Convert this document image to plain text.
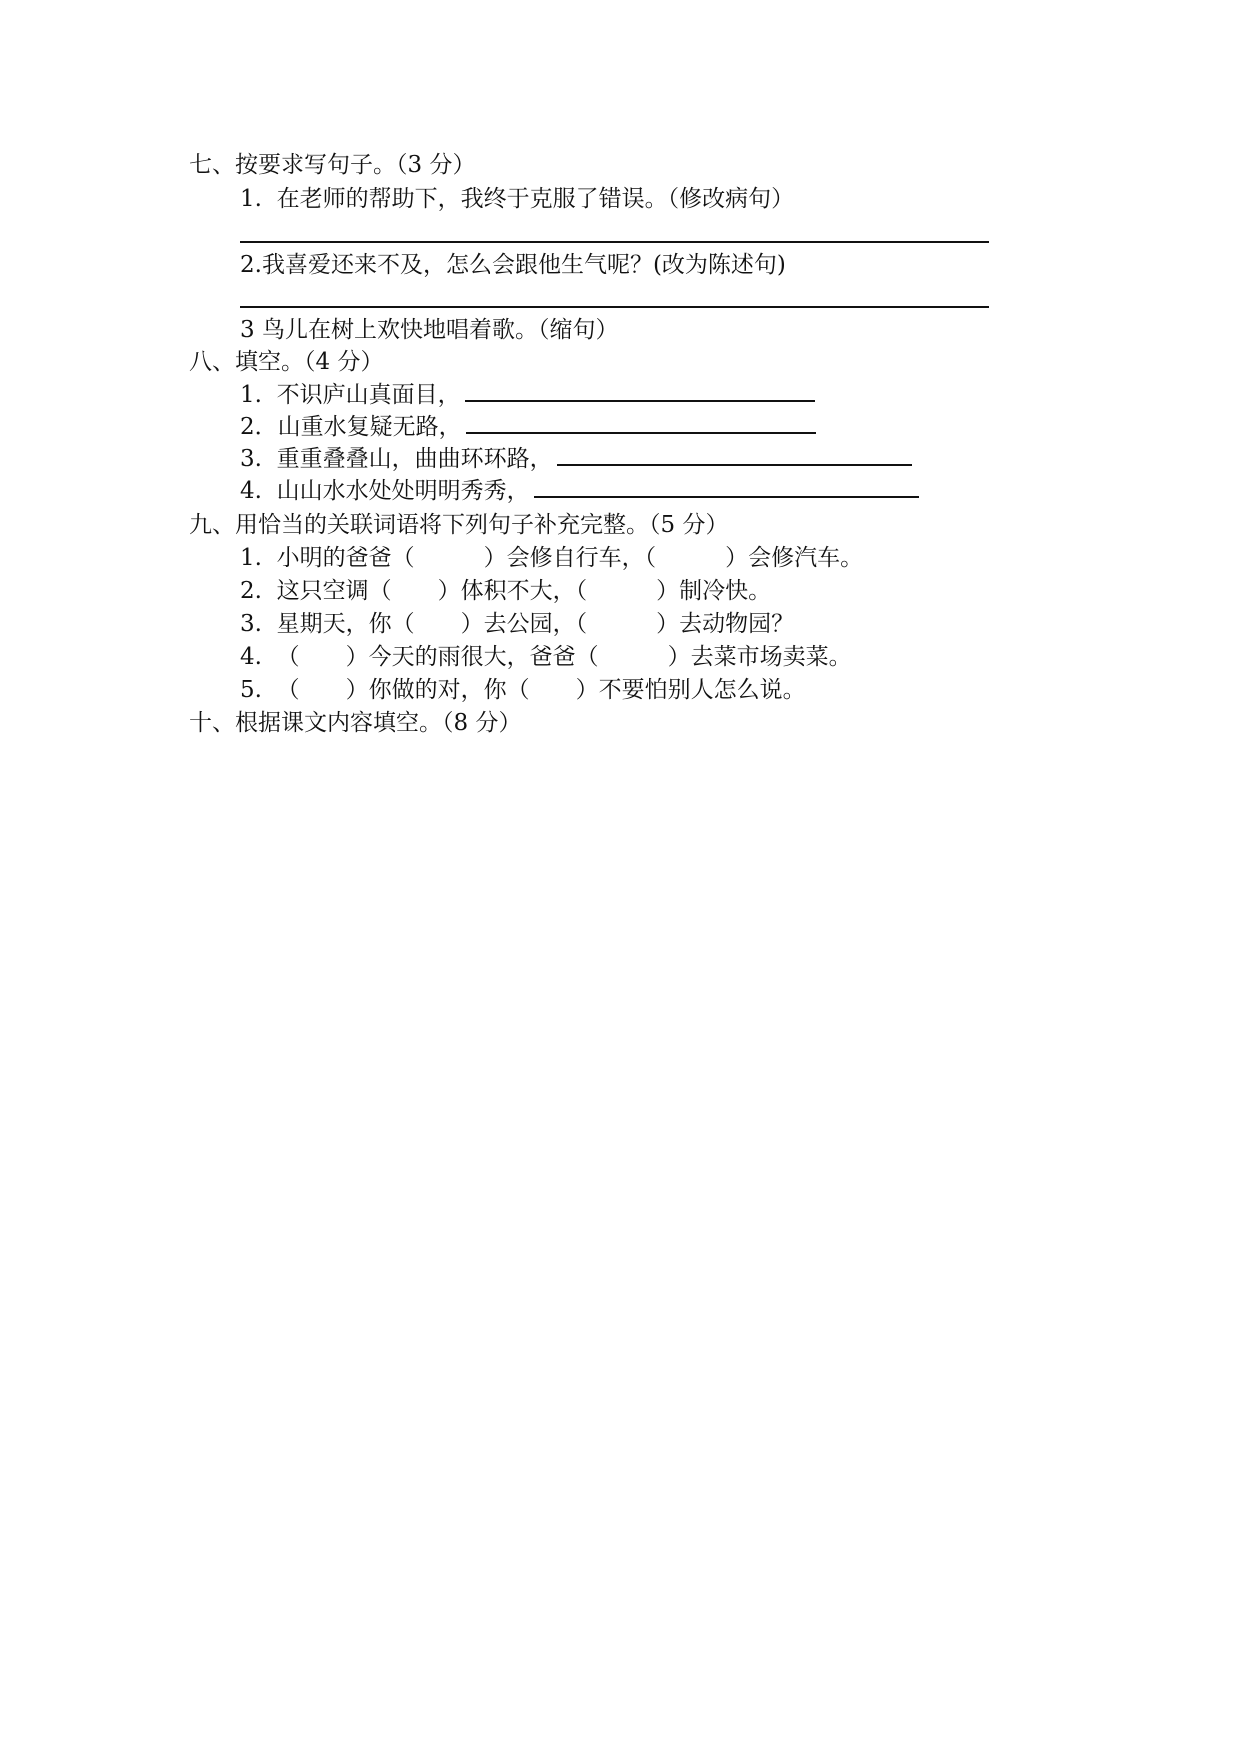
七、按要求写句子。（3 分）
1.  在老师的帮助下，我终于克服了错误。（修改病句）
2.我喜爱还来不及，怎么会跟他生气呢？(改为陈述句)
3 鸟儿在树上欢快地唱着歌。（缩句）
八、填空。（4 分）
1.  不识庐山真面目，
2．山重水复疑无路，
3.  重重叠叠山，曲曲环环路，
4.  山山水水处处明明秀秀，
九、用恰当的关联词语将下列句子补充完整。（5 分）
1.  小明的爸爸（　　　）会修自行车，（　　　）会修汽车。
2.  这只空调（　　）体积不大，（　　　）制冷快。
3.  星期天，你（　　）去公园，（　　　）去动物园？
4.  （　　）今天的雨很大，爸爸（　　　）去菜市场卖菜。
5.  （　　）你做的对，你（　　）不要怕别人怎么说。
十、根据课文内容填空。（8 分）
